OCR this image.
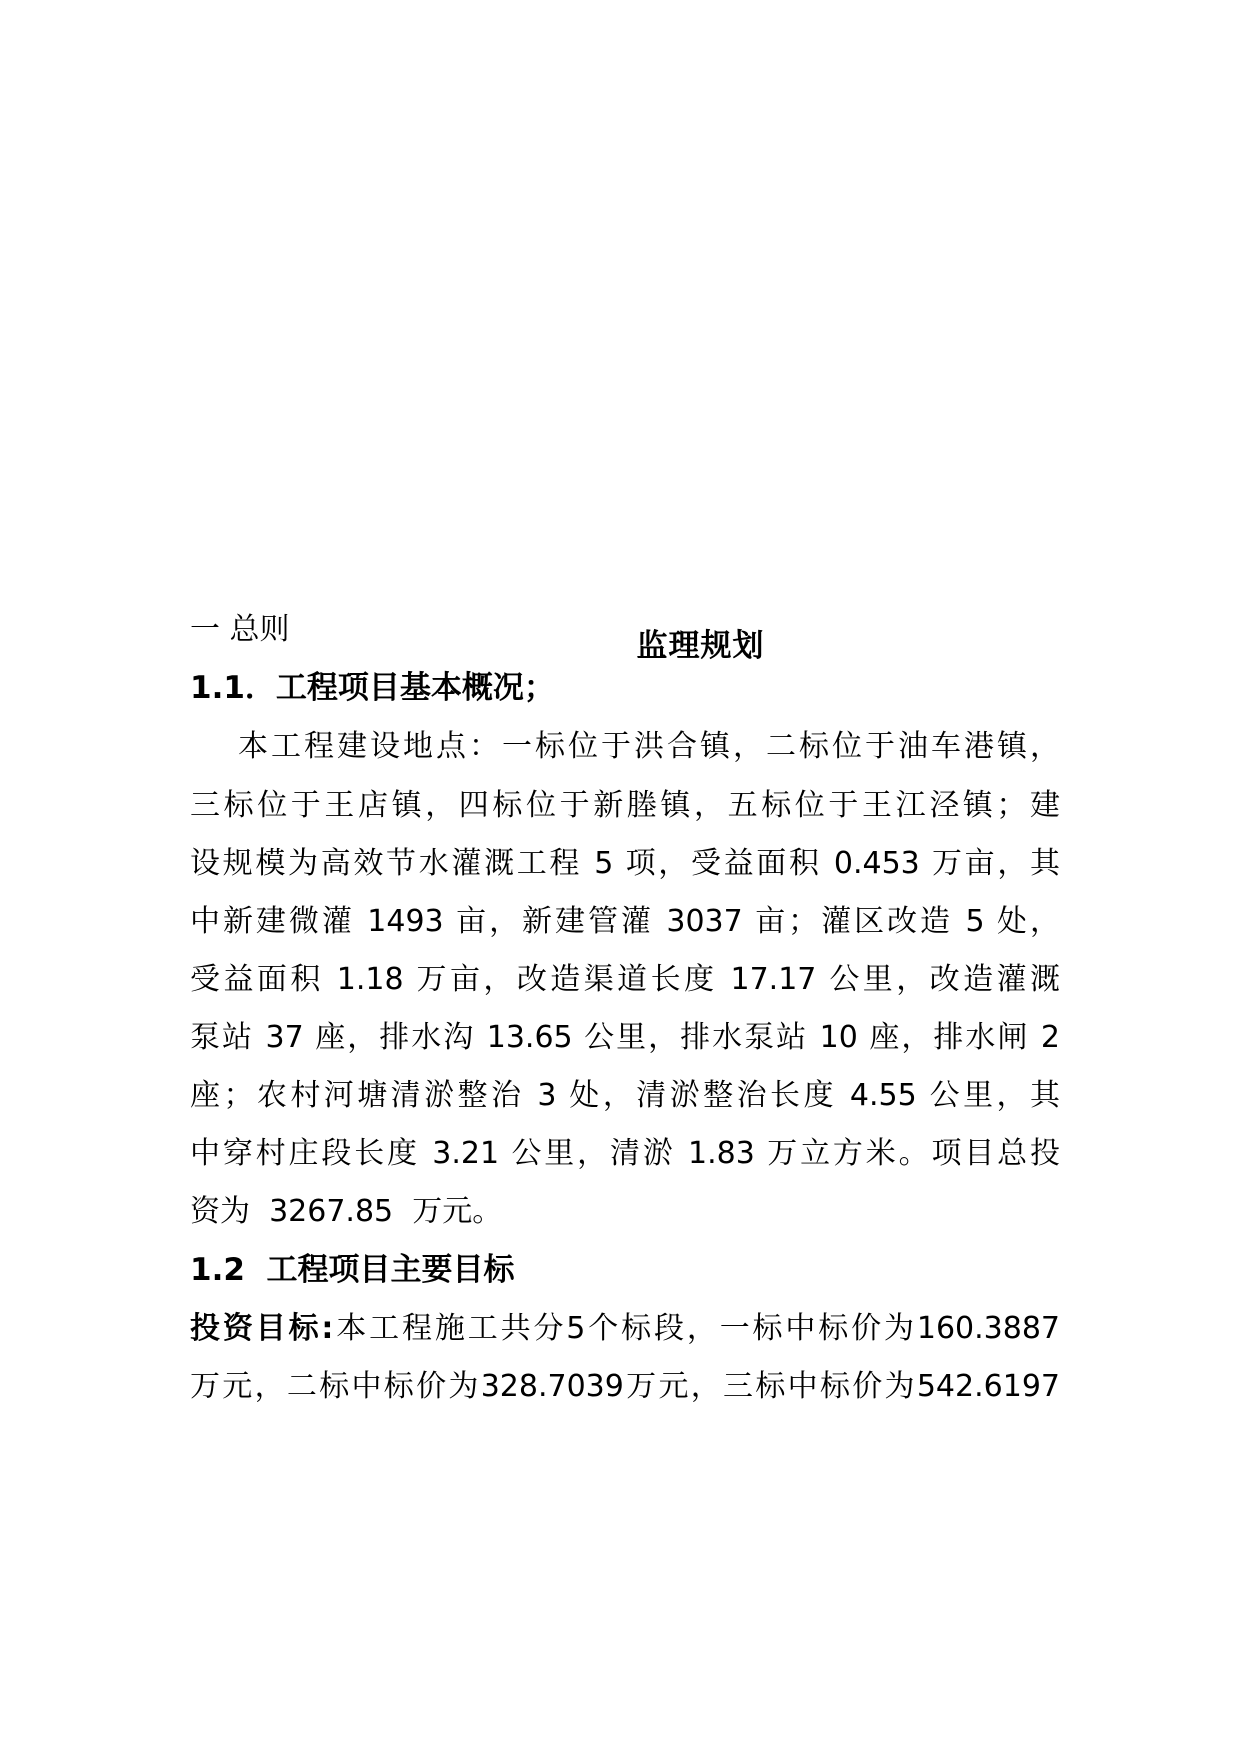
监理规划
一 总则
1.1．工程项目基本概况；
本工程建设地点：一标位于洪合镇，二标位于油车港镇，
三标位于王店镇，四标位于新塍镇，五标位于王江泾镇；建
设规模为高效节水灌溉工程 5 项，受益面积 0.453 万亩，其
中新建微灌 1493 亩，新建管灌 3037 亩；灌区改造 5 处，
受益面积 1.18 万亩，改造渠道长度 17.17 公里，改造灌溉
泵站 37 座，排水沟 13.65 公里，排水泵站 10 座，排水闸 2
座；农村河塘清淤整治 3 处，清淤整治长度 4.55 公里，其
中穿村庄段长度 3.21 公里，清淤 1.83 万立方米。项目总投
资为  3267.85  万元。
1.2  工程项目主要目标
投资目标:本工程施工共分5个标段，一标中标价为160.3887
万元，二标中标价为328.7039万元，三标中标价为542.6197
